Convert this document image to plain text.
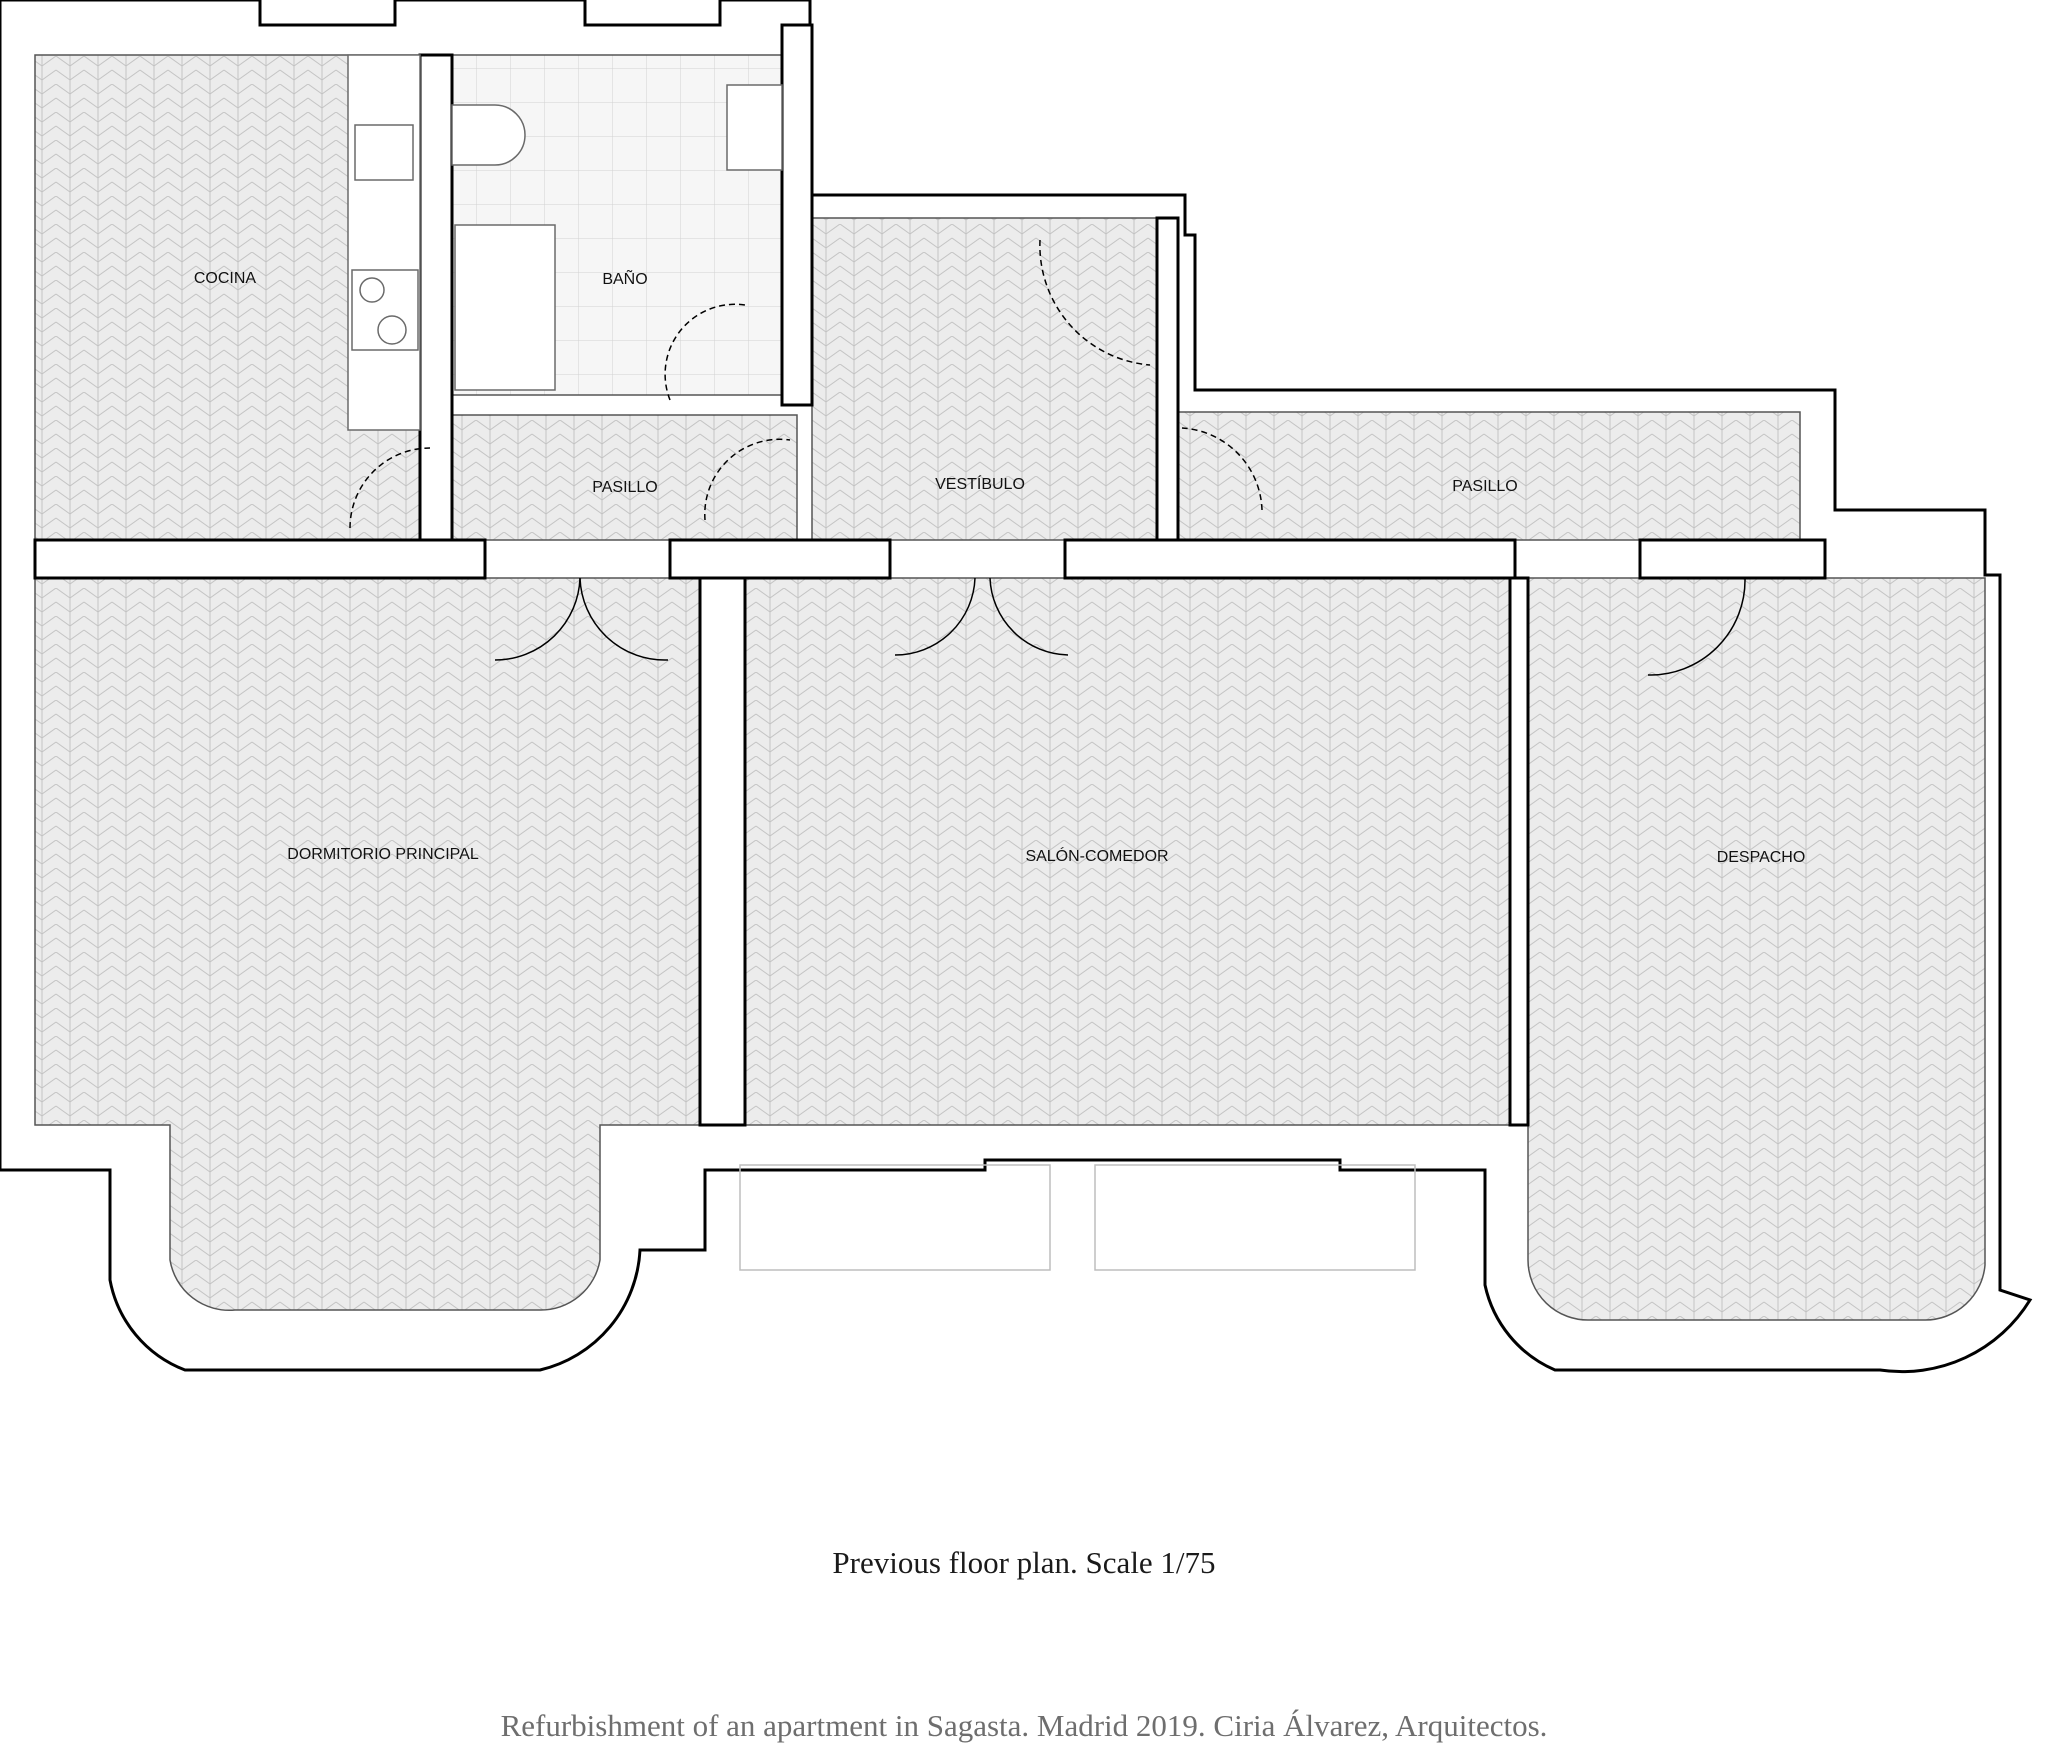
COCINA	BAÑO
PASILLO	VESTÍBULO	PASILLO
DORMITORIO PRINCIPAL	SALÓN-COMEDOR	DESPACHO

Previous floor plan. Scale 1/75

Refurbishment of an apartment in Sagasta. Madrid 2019. Ciria Álvarez, Arquitectos.
